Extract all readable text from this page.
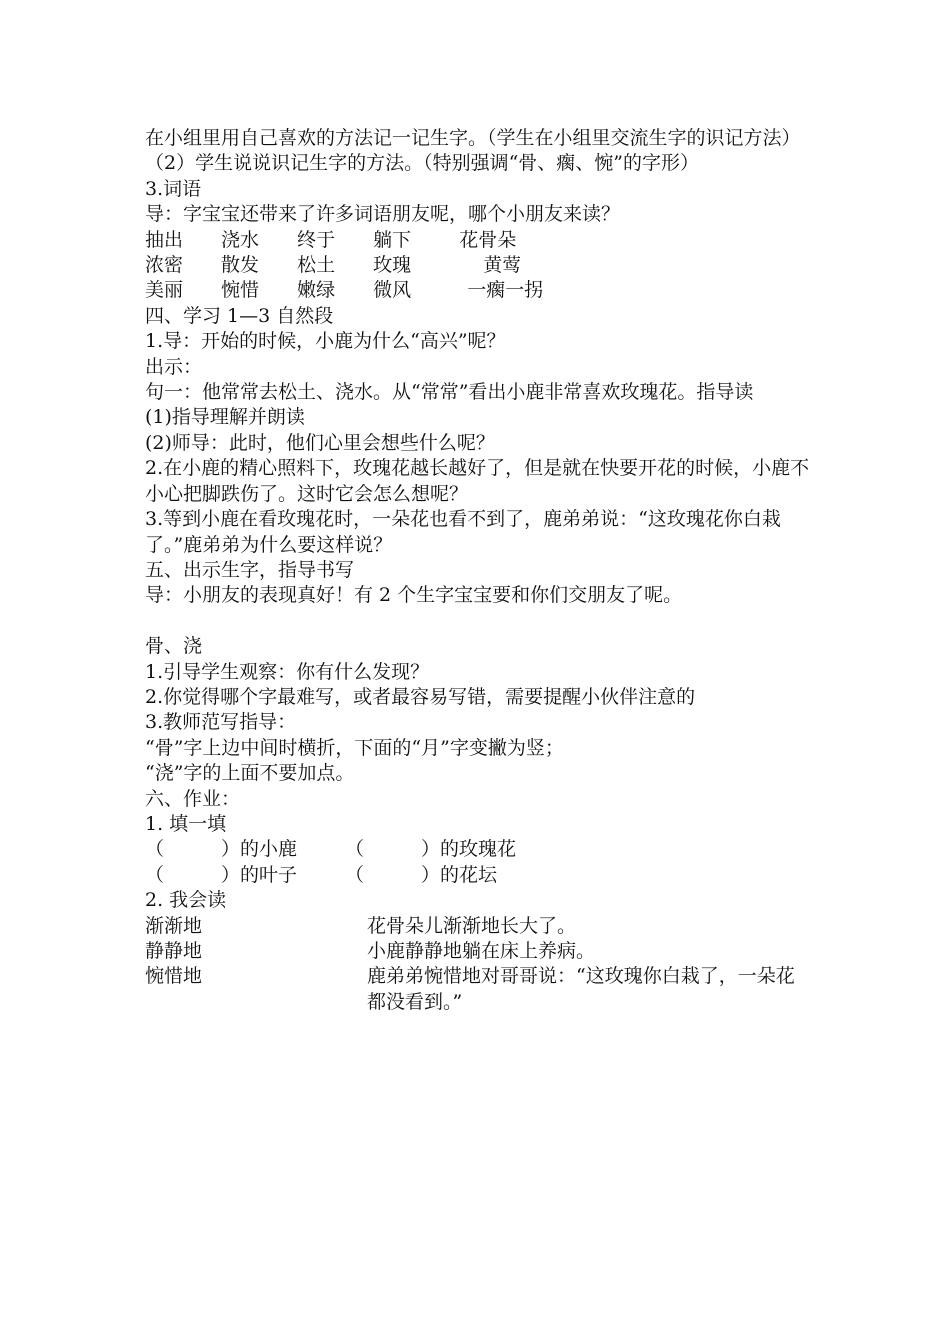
在小组里用自己喜欢的方法记一记生字。（学生在小组里交流生字的识记方法）
（2）学生说说识记生字的方法。（特别强调“骨、瘸、惋”的字形）
3.词语
导：字宝宝还带来了许多词语朋友呢，哪个小朋友来读？
抽出 浇水 终于 躺下	花骨朵
浓密 散发 松土 玫瑰	黄莺
美丽 惋惜 嫩绿 微风	一瘸一拐
四、学习 1—3 自然段
1.导：开始的时候，小鹿为什么“高兴”呢？
出示：
句一：他常常去松土、浇水。从“常常”看出小鹿非常喜欢玫瑰花。指导读
(1)指导理解并朗读
(2)师导：此时，他们心里会想些什么呢？
2.在小鹿的精心照料下，玫瑰花越长越好了，但是就在快要开花的时候，小鹿不小心把脚跌伤了。这时它会怎么想呢？
3.等到小鹿在看玫瑰花时，一朵花也看不到了，鹿弟弟说：“这玫瑰花你白栽了。”鹿弟弟为什么要这样说？
五、出示生字，指导书写
导：小朋友的表现真好！有 2 个生字宝宝要和你们交朋友了呢。
骨、浇
1.引导学生观察：你有什么发现？
2.你觉得哪个字最难写，或者最容易写错，需要提醒小伙伴注意的
3.教师范写指导：
“骨”字上边中间时横折，下面的“月”字变撇为竖；
“浇”字的上面不要加点。
六、作业：
1. 填一填
（　　　）的小鹿	（　　　）的玫瑰花
（　　　）的叶子	（　　　）的花坛
2. 我会读
渐渐地	花骨朵儿渐渐地长大了。
静静地	小鹿静静地躺在床上养病。
惋惜地	鹿弟弟惋惜地对哥哥说：“这玫瑰你白栽了，一朵花都没看到。”
